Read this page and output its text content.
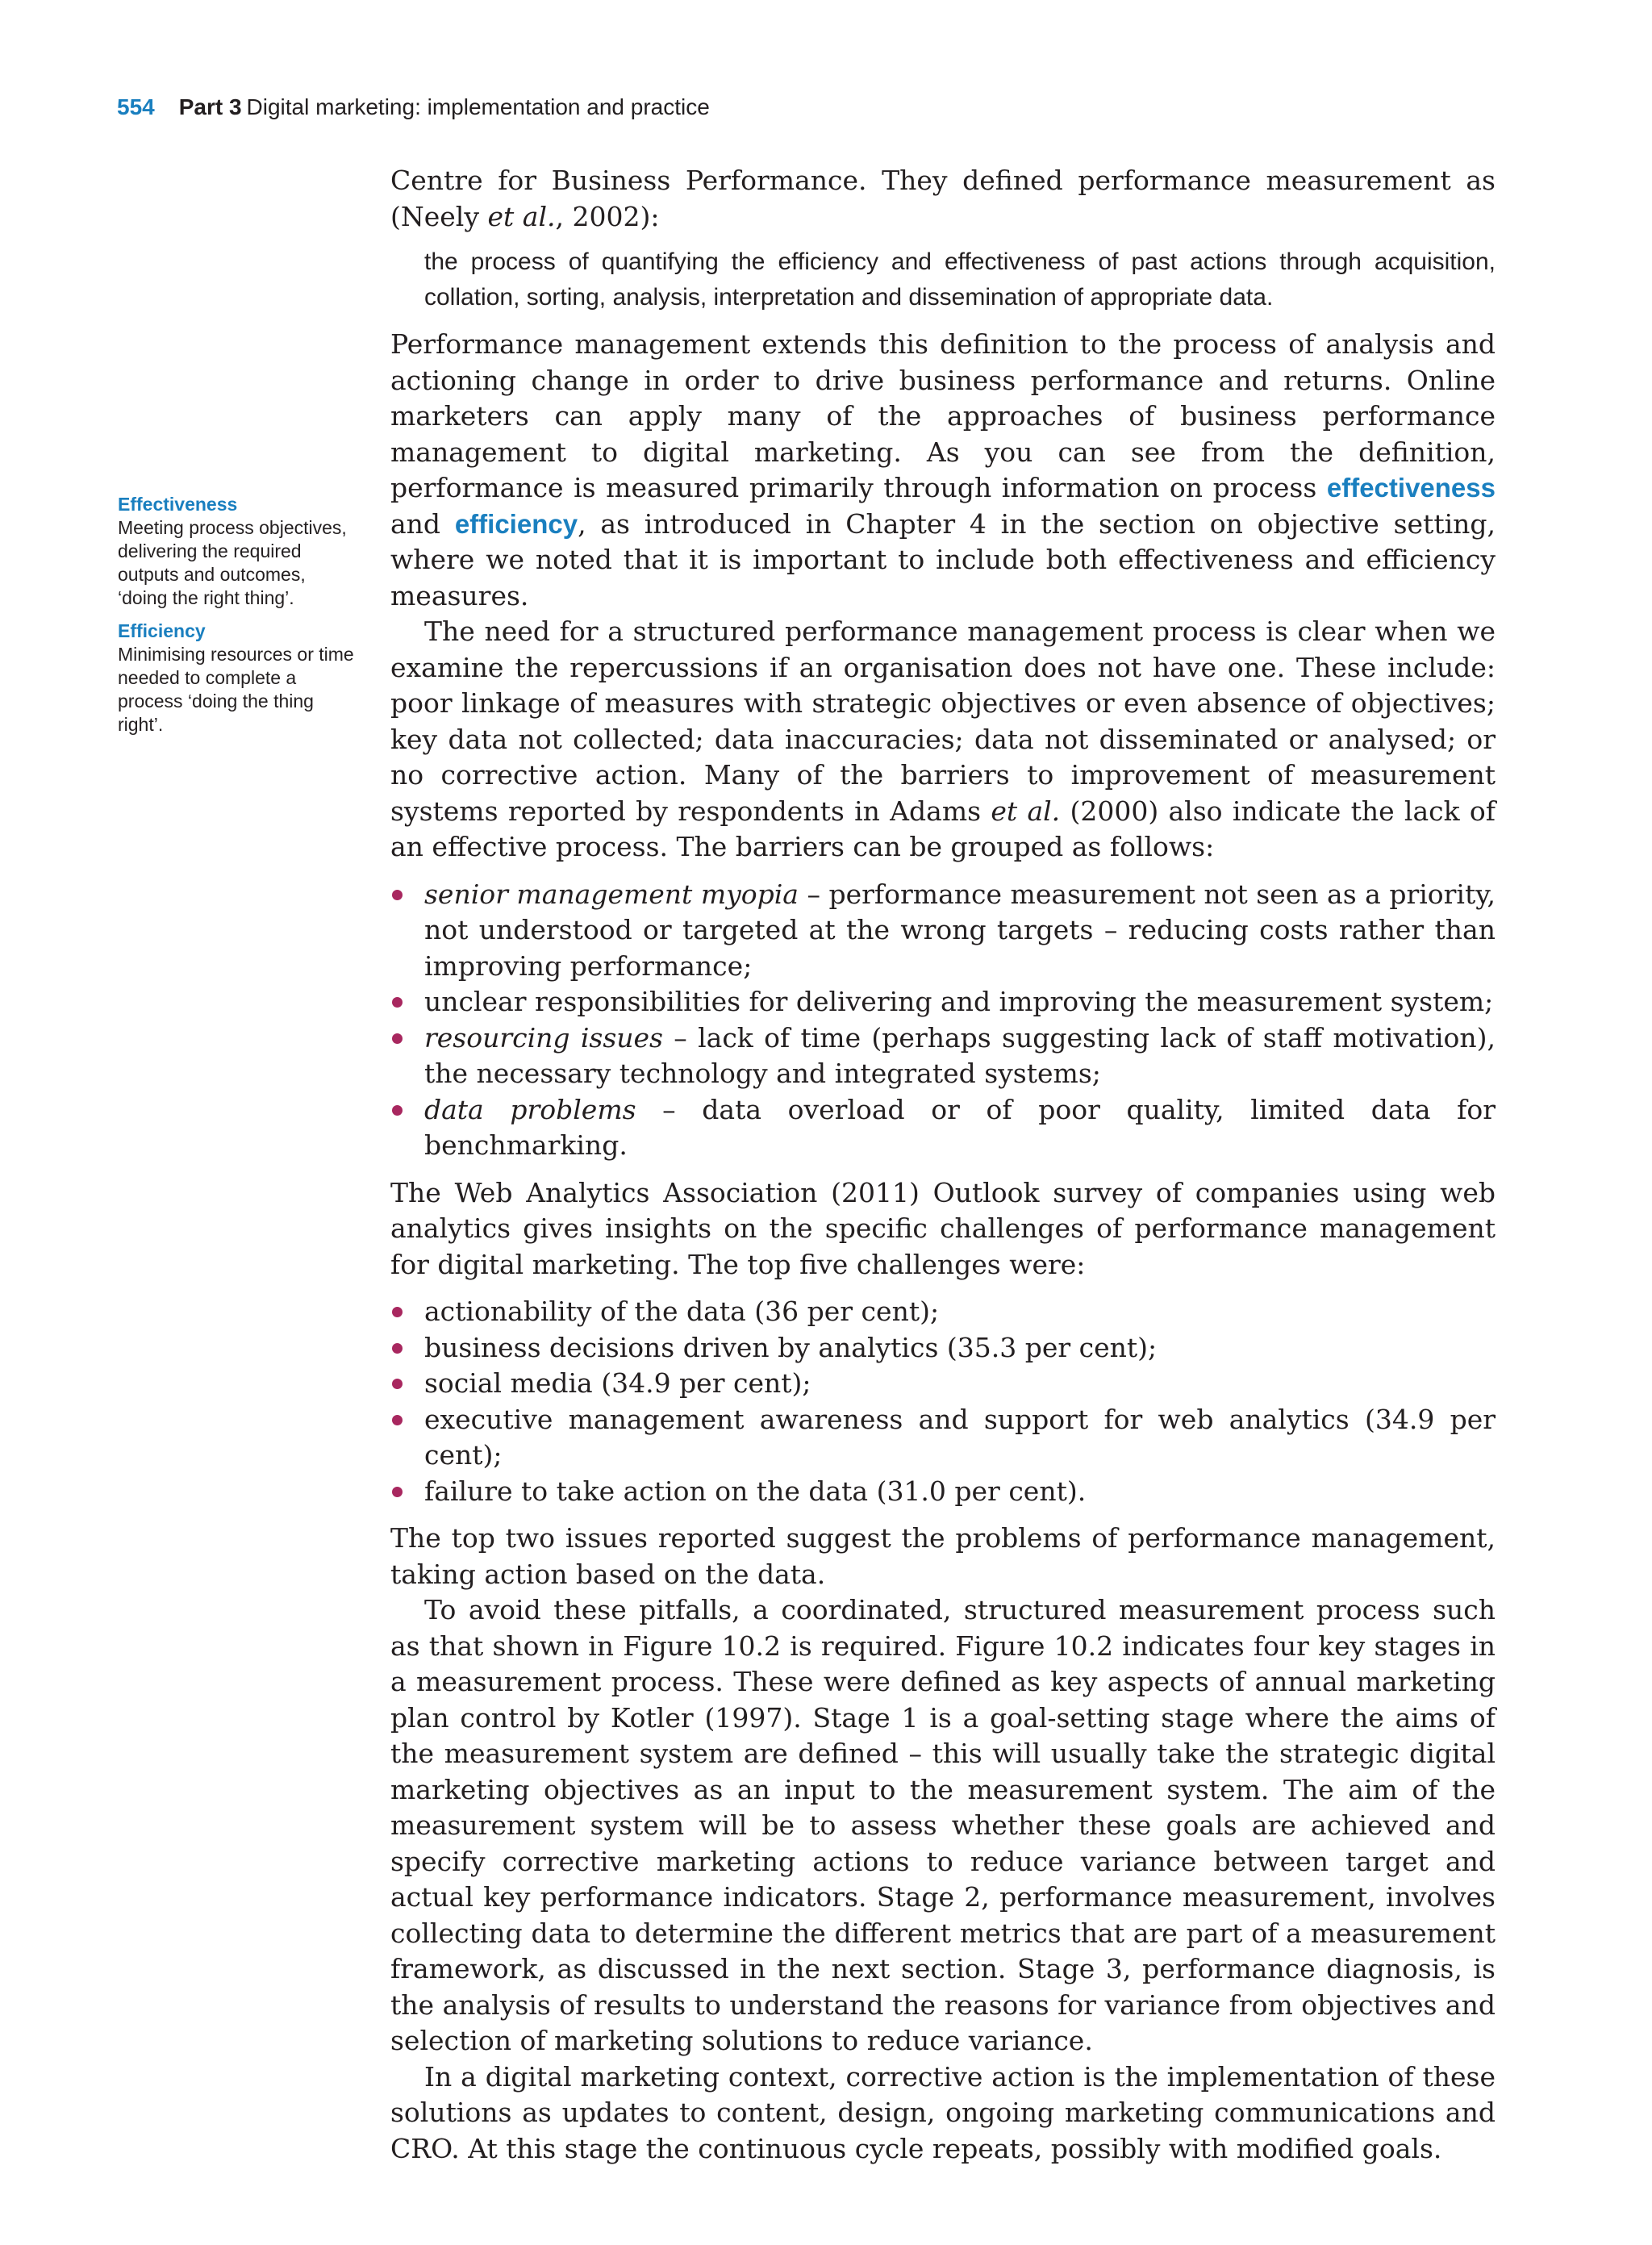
554 Part 3 Digital marketing: implementation and practice
Effectiveness
Meeting process objectives, delivering the required outputs and outcomes, ‘doing the right thing’.
Efficiency
Minimising resources or time needed to complete a process ‘doing the thing right’.

Centre for Business Performance. They defined performance measurement as (Neely et al., 2002):

the process of quantifying the efficiency and effectiveness of past actions through acquisition, collation, sorting, analysis, interpretation and dissemination of appropriate data.

Performance management extends this definition to the process of analysis and actioning change in order to drive business performance and returns. Online marketers can apply many of the approaches of business performance management to digital marketing. As you can see from the definition, performance is measured primarily through information on process effectiveness and efficiency, as introduced in Chapter 4 in the section on objective setting, where we noted that it is important to include both effectiveness and efficiency measures.

The need for a structured performance management process is clear when we examine the repercussions if an organisation does not have one. These include: poor linkage of measures with strategic objectives or even absence of objectives; key data not collected; data inaccuracies; data not disseminated or analysed; or no corrective action. Many of the barriers to improvement of measurement systems reported by respondents in Adams et al. (2000) also indicate the lack of an effective process. The barriers can be grouped as follows:

senior management myopia – performance measurement not seen as a priority, not understood or targeted at the wrong targets – reducing costs rather than improving performance;
unclear responsibilities for delivering and improving the measurement system;
resourcing issues – lack of time (perhaps suggesting lack of staff motivation), the necessary technology and integrated systems;
data problems – data overload or of poor quality, limited data for benchmarking.

The Web Analytics Association (2011) Outlook survey of companies using web analytics gives insights on the specific challenges of performance management for digital marketing. The top five challenges were:

actionability of the data (36 per cent);
business decisions driven by analytics (35.3 per cent);
social media (34.9 per cent);
executive management awareness and support for web analytics (34.9 per cent);
failure to take action on the data (31.0 per cent).

The top two issues reported suggest the problems of performance management, taking action based on the data.

To avoid these pitfalls, a coordinated, structured measurement process such as that shown in Figure 10.2 is required. Figure 10.2 indicates four key stages in a measurement process. These were defined as key aspects of annual marketing plan control by Kotler (1997). Stage 1 is a goal-setting stage where the aims of the measurement system are defined – this will usually take the strategic digital marketing objectives as an input to the measurement system. The aim of the measurement system will be to assess whether these goals are achieved and specify corrective marketing actions to reduce variance between target and actual key performance indicators. Stage 2, performance measurement, involves collecting data to determine the different metrics that are part of a measurement framework, as discussed in the next section. Stage 3, performance diagnosis, is the analysis of results to understand the reasons for variance from objectives and selection of marketing solutions to reduce variance.

In a digital marketing context, corrective action is the implementation of these solutions as updates to content, design, ongoing marketing communications and CRO. At this stage the continuous cycle repeats, possibly with modified goals.
